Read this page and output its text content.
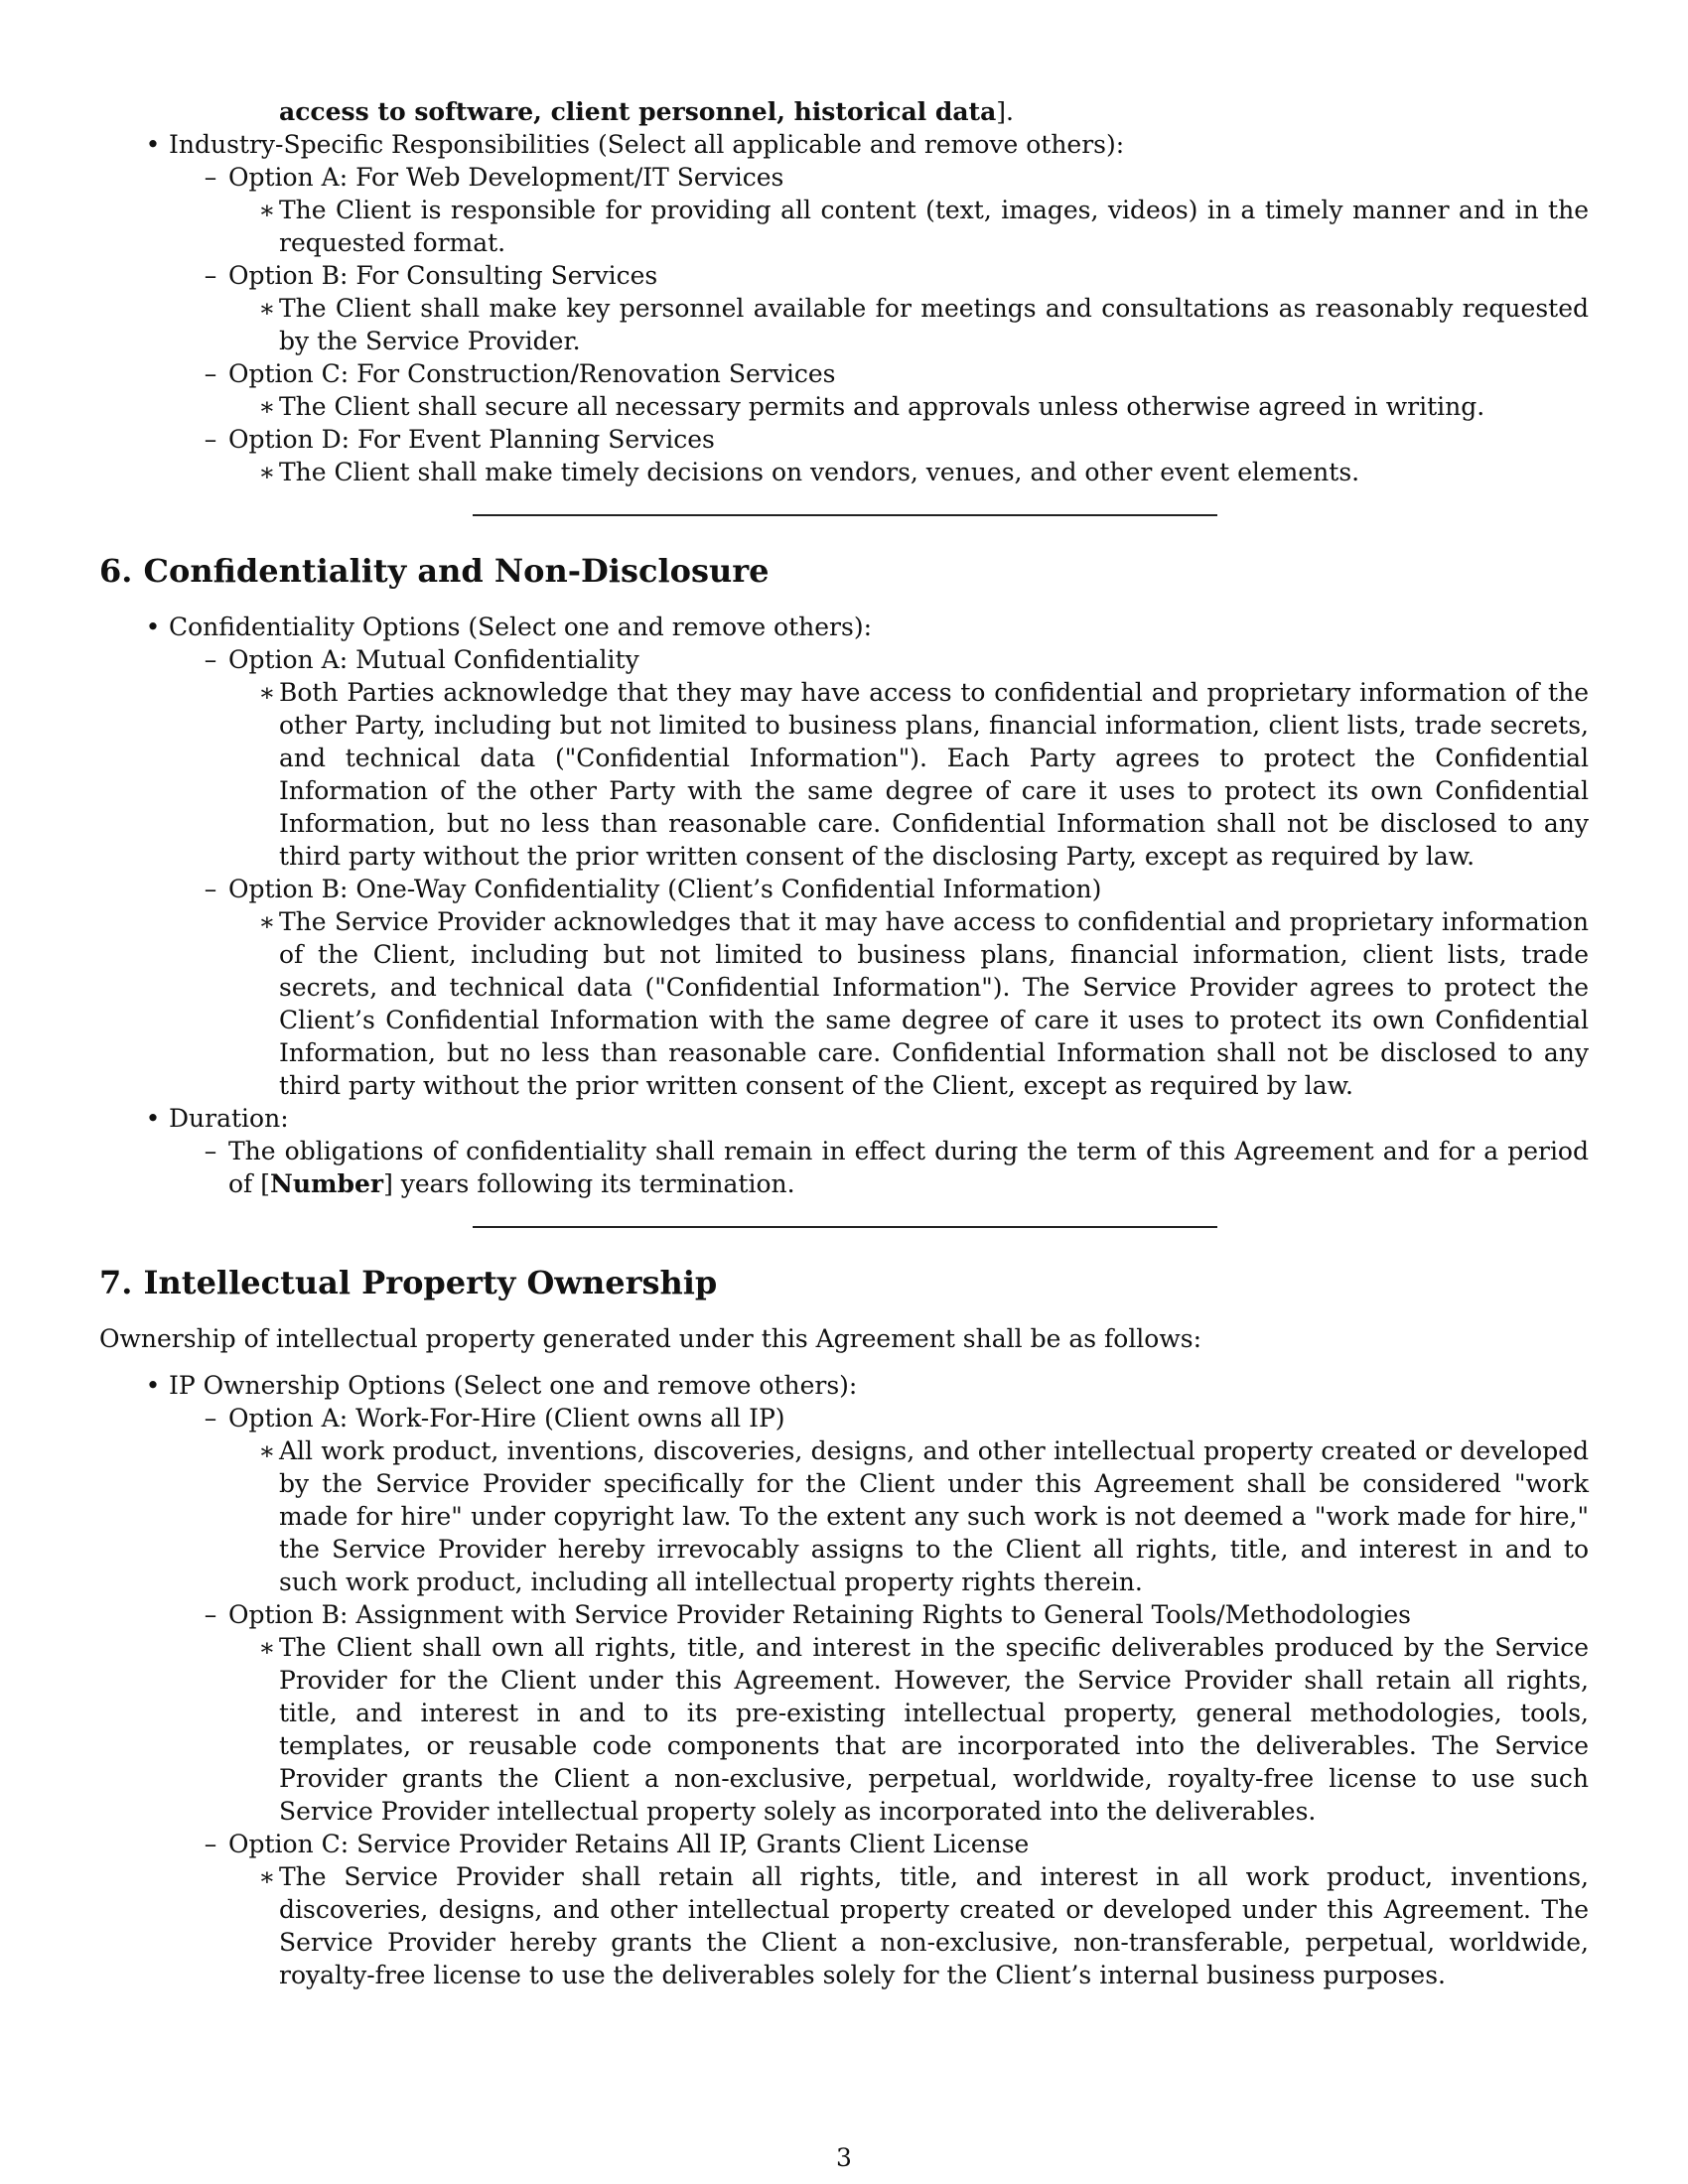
access to software, client personnel, historical data].
• Industry-Specific Responsibilities (Select all applicable and remove others):
– Option A: For Web Development/IT Services
∗ The Client is responsible for providing all content (text, images, videos) in a timely manner and in the requested format.
– Option B: For Consulting Services
∗ The Client shall make key personnel available for meetings and consultations as reasonably requested by the Service Provider.
– Option C: For Construction/Renovation Services
∗ The Client shall secure all necessary permits and approvals unless otherwise agreed in writing.
– Option D: For Event Planning Services
∗ The Client shall make timely decisions on vendors, venues, and other event elements.
6. Confidentiality and Non-Disclosure
• Confidentiality Options (Select one and remove others):
– Option A: Mutual Confidentiality
∗ Both Parties acknowledge that they may have access to confidential and proprietary information of the other Party, including but not limited to business plans, financial information, client lists, trade secrets, and technical data ("Confidential Information"). Each Party agrees to protect the Confidential Information of the other Party with the same degree of care it uses to protect its own Confidential Information, but no less than reasonable care. Confidential Information shall not be disclosed to any third party without the prior written consent of the disclosing Party, except as required by law.
– Option B: One-Way Confidentiality (Client’s Confidential Information)
∗ The Service Provider acknowledges that it may have access to confidential and proprietary information of the Client, including but not limited to business plans, financial information, client lists, trade secrets, and technical data ("Confidential Information"). The Service Provider agrees to protect the Client’s Confidential Information with the same degree of care it uses to protect its own Confidential Information, but no less than reasonable care. Confidential Information shall not be disclosed to any third party without the prior written consent of the Client, except as required by law.
• Duration:
– The obligations of confidentiality shall remain in effect during the term of this Agreement and for a period of [Number] years following its termination.
7. Intellectual Property Ownership
Ownership of intellectual property generated under this Agreement shall be as follows:
• IP Ownership Options (Select one and remove others):
– Option A: Work-For-Hire (Client owns all IP)
∗ All work product, inventions, discoveries, designs, and other intellectual property created or developed by the Service Provider specifically for the Client under this Agreement shall be considered "work made for hire" under copyright law. To the extent any such work is not deemed a "work made for hire," the Service Provider hereby irrevocably assigns to the Client all rights, title, and interest in and to such work product, including all intellectual property rights therein.
– Option B: Assignment with Service Provider Retaining Rights to General Tools/Methodologies
∗ The Client shall own all rights, title, and interest in the specific deliverables produced by the Service Provider for the Client under this Agreement. However, the Service Provider shall retain all rights, title, and interest in and to its pre-existing intellectual property, general methodologies, tools, templates, or reusable code components that are incorporated into the deliverables. The Service Provider grants the Client a non-exclusive, perpetual, worldwide, royalty-free license to use such Service Provider intellectual property solely as incorporated into the deliverables.
– Option C: Service Provider Retains All IP, Grants Client License
∗ The Service Provider shall retain all rights, title, and interest in all work product, inventions, discoveries, designs, and other intellectual property created or developed under this Agreement. The Service Provider hereby grants the Client a non-exclusive, non-transferable, perpetual, worldwide, royalty-free license to use the deliverables solely for the Client’s internal business purposes.
3
